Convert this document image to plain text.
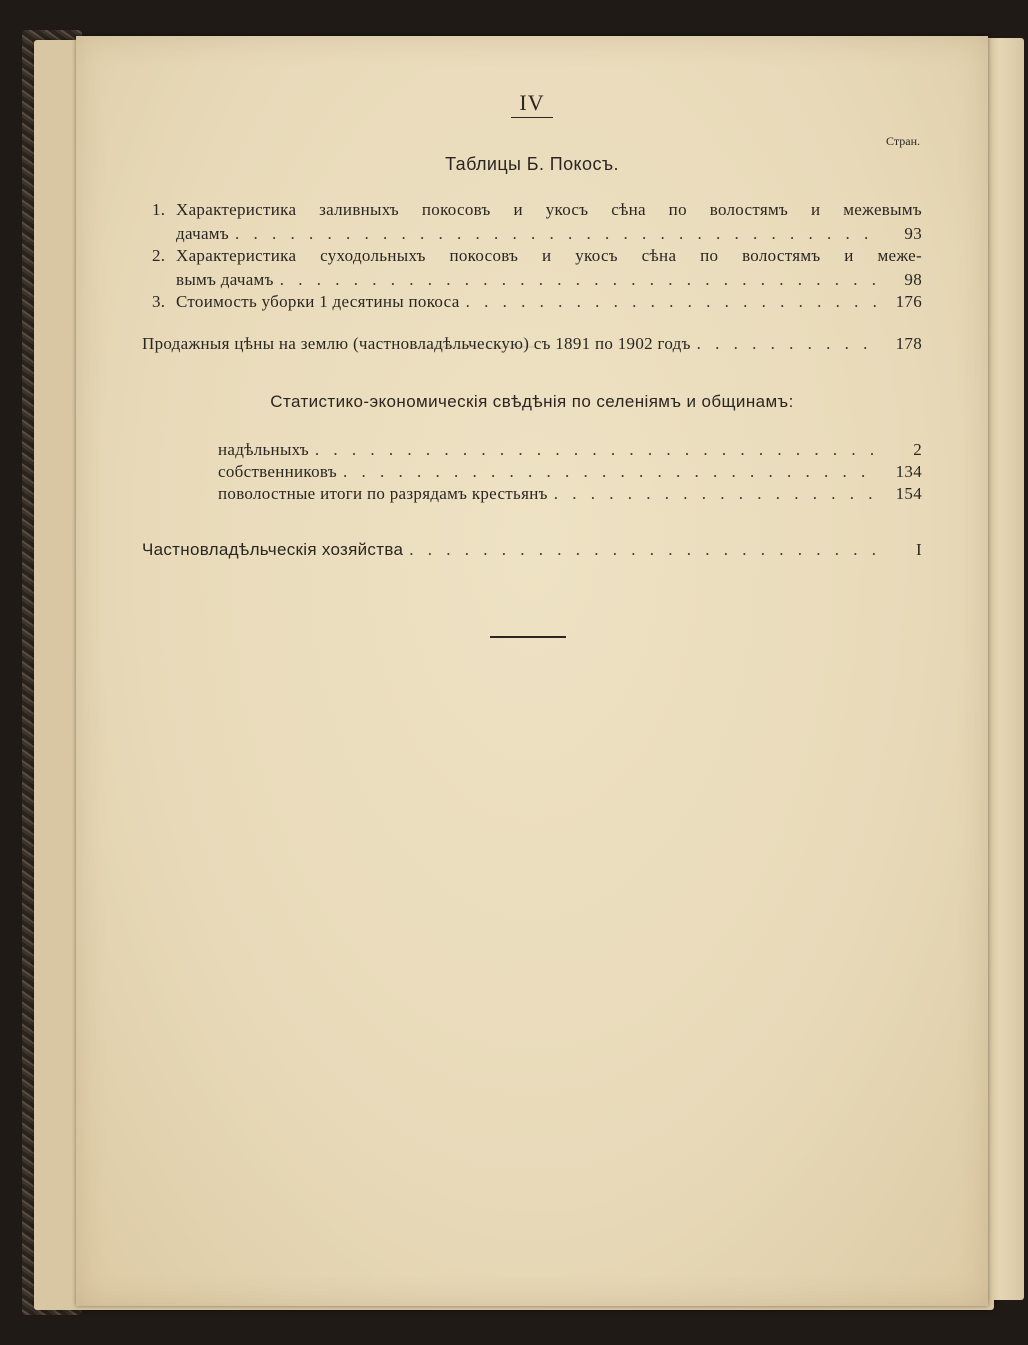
IV
Стран.
Таблицы Б. Покосъ.
1. Характеристика заливныхъ покосовъ и укосъ сѣна по волостямъ и межевымъ
дачамъ . . .	93
2. Характеристика суходольныхъ покосовъ и укосъ сѣна по волостямъ и меже-
вымъ дачамъ . . .	98
3. Стоимость уборки 1 десятины покоса . . .	176
Продажныя цѣны на землю (частновладѣльческую) съ 1891 по 1902 годъ . . .	178
Статистико-экономическія свѣдѣнія по селеніямъ и общинамъ:
надѣльныхъ . . .	2
собственниковъ . . .	134
поволостные итоги по разрядамъ крестьянъ . . .	154
Частновладѣльческія хозяйства . . .	I
